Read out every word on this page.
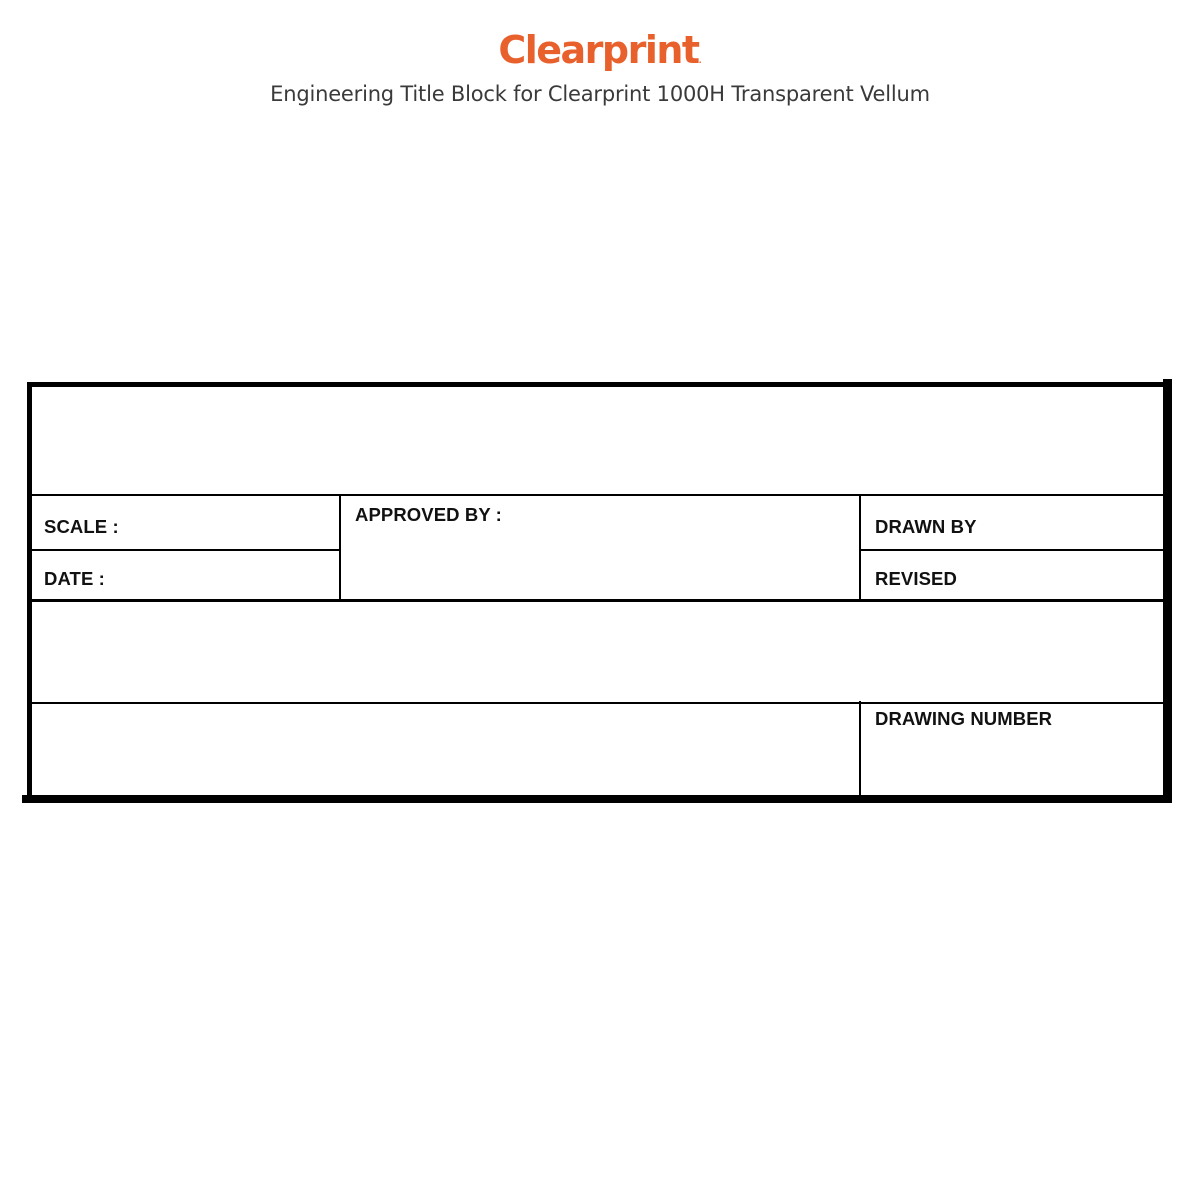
Clearprint.
Engineering Title Block for Clearprint 1000H Transparent Vellum
SCALE :
DATE :
APPROVED BY :
DRAWN BY
REVISED
DRAWING NUMBER
